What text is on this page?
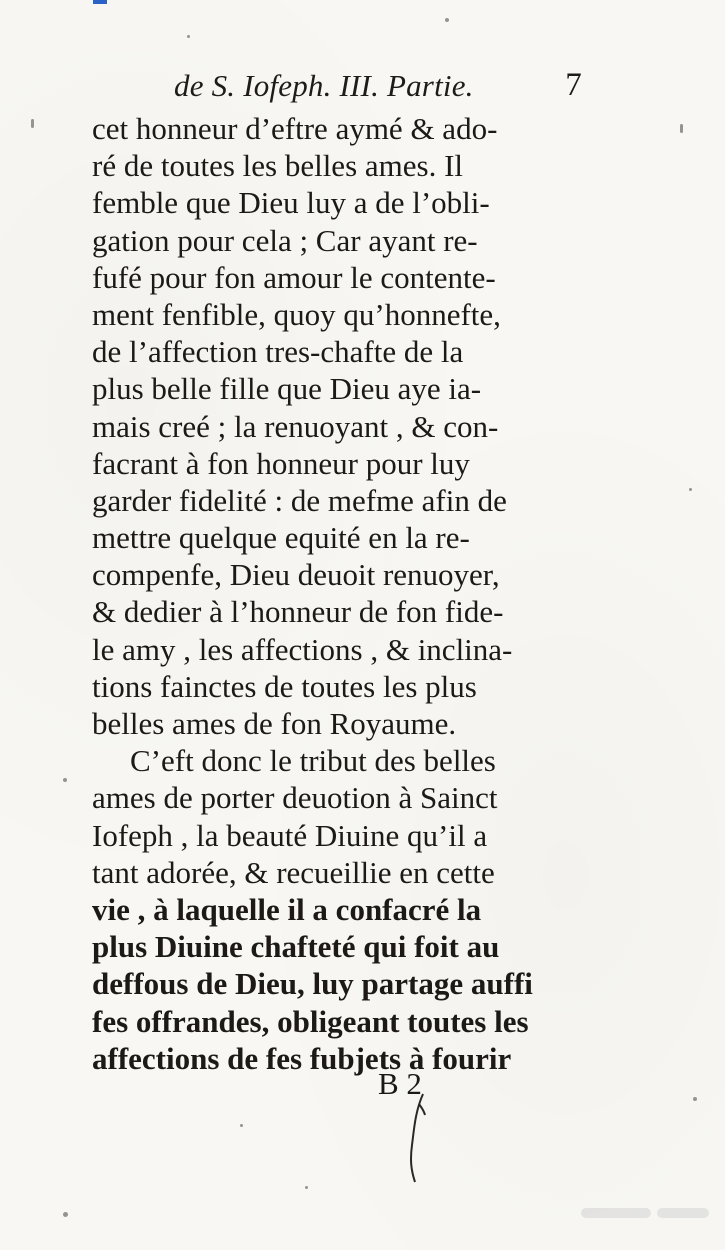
de S. Iofeph. III. Partie.	7
cet honneur d’eftre aymé & ado-
ré de toutes les belles ames. Il
femble que Dieu luy a de l’obli-
gation pour cela ; Car ayant re-
fufé pour fon amour le contente-
ment fenfible, quoy qu’honnefte,
de l’affection tres-chafte de la
plus belle fille que Dieu aye ia-
mais creé ; la renuoyant , & con-
facrant à fon honneur pour luy
garder fidelité : de mefme afin de
mettre quelque equité en la re-
compenfe, Dieu deuoit renuoyer,
& dedier à l’honneur de fon fide-
le amy , les affections , & inclina-
tions fainctes de toutes les plus
belles ames de fon Royaume.
C’eft donc le tribut des belles
ames de porter deuotion à Sainct
Iofeph , la beauté Diuine qu’il a
tant adorée, & recueillie en cette
vie , à laquelle il a confacré la
plus Diuine chafteté qui foit au
deffous de Dieu, luy partage auffi
fes offrandes, obligeant toutes les
affections de fes fubjets à fourir
B 2
